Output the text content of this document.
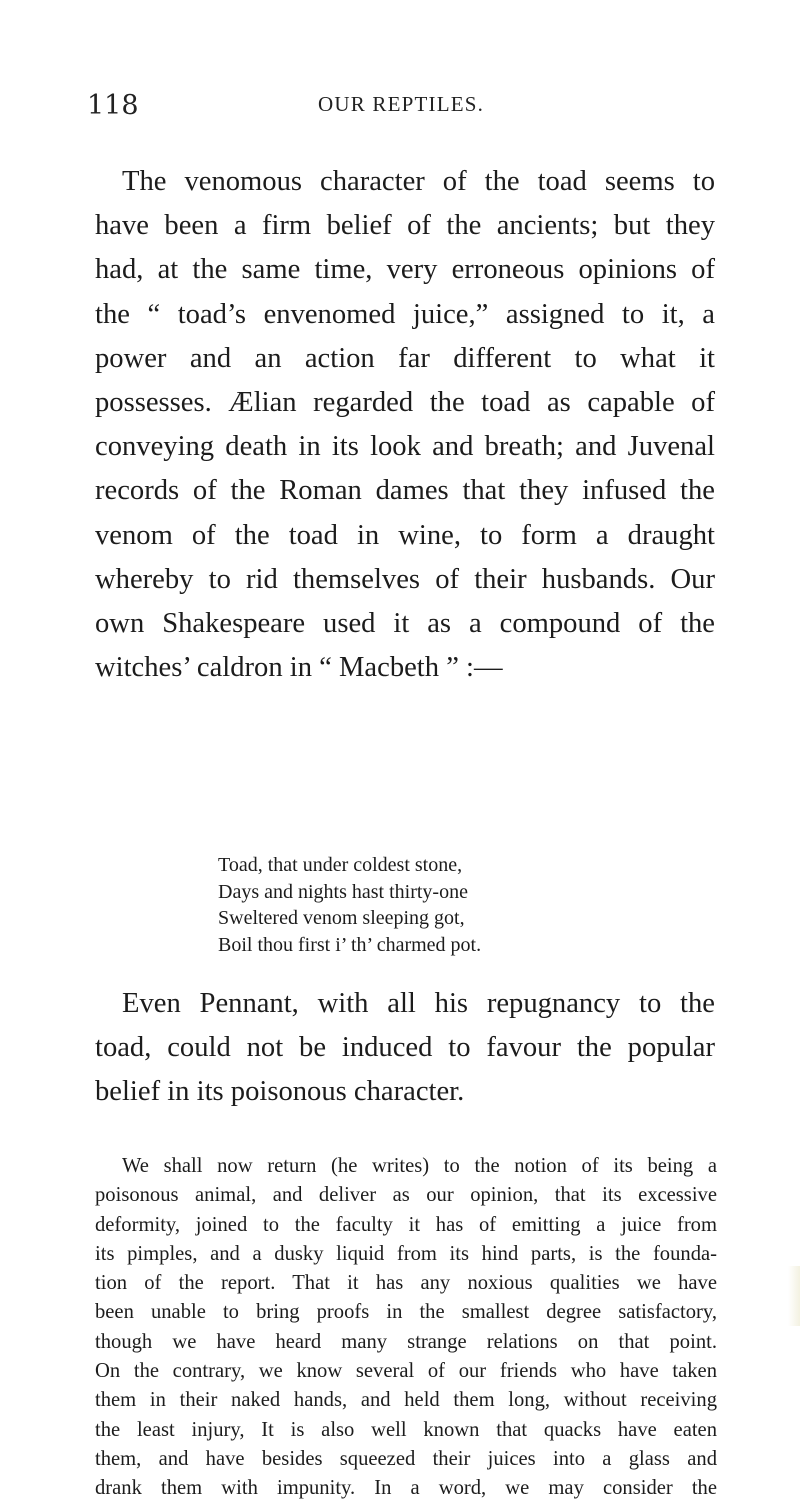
118	OUR REPTILES.
The venomous character of the toad seems to
have been a firm belief of the ancients; but they
had, at the same time, very erroneous opinions of
the “ toad’s envenomed juice,” assigned to it, a
power and an action far different to what it
possesses. Ælian regarded the toad as capable of
conveying death in its look and breath; and Juvenal
records of the Roman dames that they infused the
venom of the toad in wine, to form a draught
whereby to rid themselves of their husbands. Our
own Shakespeare used it as a compound of the
witches’ caldron in “ Macbeth ” :—
Toad, that under coldest stone,
Days and nights hast thirty-one
Sweltered venom sleeping got,
Boil thou first i’ th’ charmed pot.
Even Pennant, with all his repugnancy to the
toad, could not be induced to favour the popular
belief in its poisonous character.
We shall now return (he writes) to the notion of its being a
poisonous animal, and deliver as our opinion, that its excessive
deformity, joined to the faculty it has of emitting a juice from
its pimples, and a dusky liquid from its hind parts, is the founda-
tion of the report. That it has any noxious qualities we have
been unable to bring proofs in the smallest degree satisfactory,
though we have heard many strange relations on that point.
On the contrary, we know several of our friends who have taken
them in their naked hands, and held them long, without receiving
the least injury, It is also well known that quacks have eaten
them, and have besides squeezed their juices into a glass and
drank them with impunity. In a word, we may consider the
